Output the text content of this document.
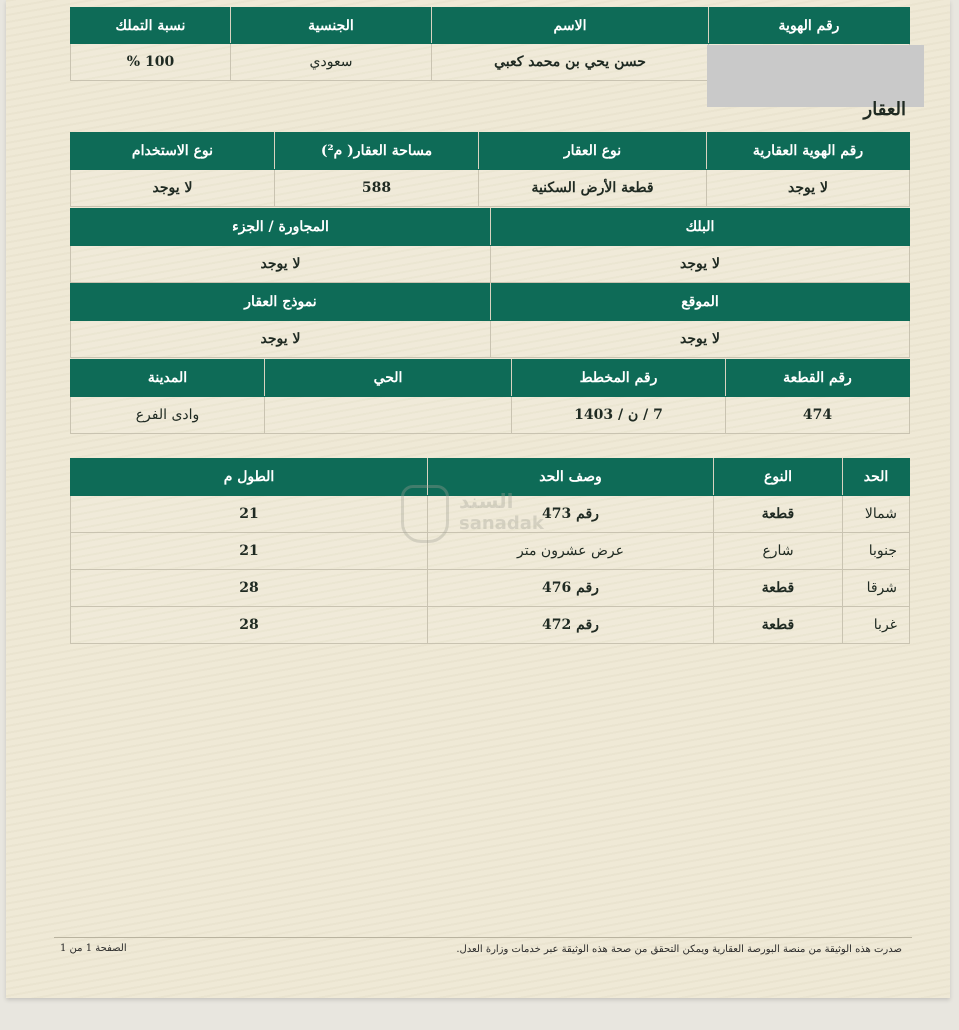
رقم الهوية	الاسم	الجنسية	نسبة التملك
	حسن يحي بن محمد كعبي	سعودي	100 %
العقار
رقم الهوية العقارية	نوع العقار	مساحة العقار( م²)	نوع الاستخدام
لا يوجد	قطعة الأرض السكنية	588	لا يوجد
البلك	المجاورة / الجزء
لا يوجد	لا يوجد
الموقع	نموذج العقار
لا يوجد	لا يوجد
رقم القطعة	رقم المخطط	الحي	المدينة
474	7 / ن / 1403		وادى الفرع
الحد	النوع	وصف الحد	الطول م
شمالا	قطعة	رقم 473	21
جنوبا	شارع	عرض عشرون متر	21
شرقا	قطعة	رقم 476	28
غربا	قطعة	رقم 472	28
السند
sanadak
الصفحة 1 من 1	صدرت هذه الوثيقة من منصة البورصة العقارية ويمكن التحقق من صحة هذه الوثيقة عبر خدمات وزارة العدل.
